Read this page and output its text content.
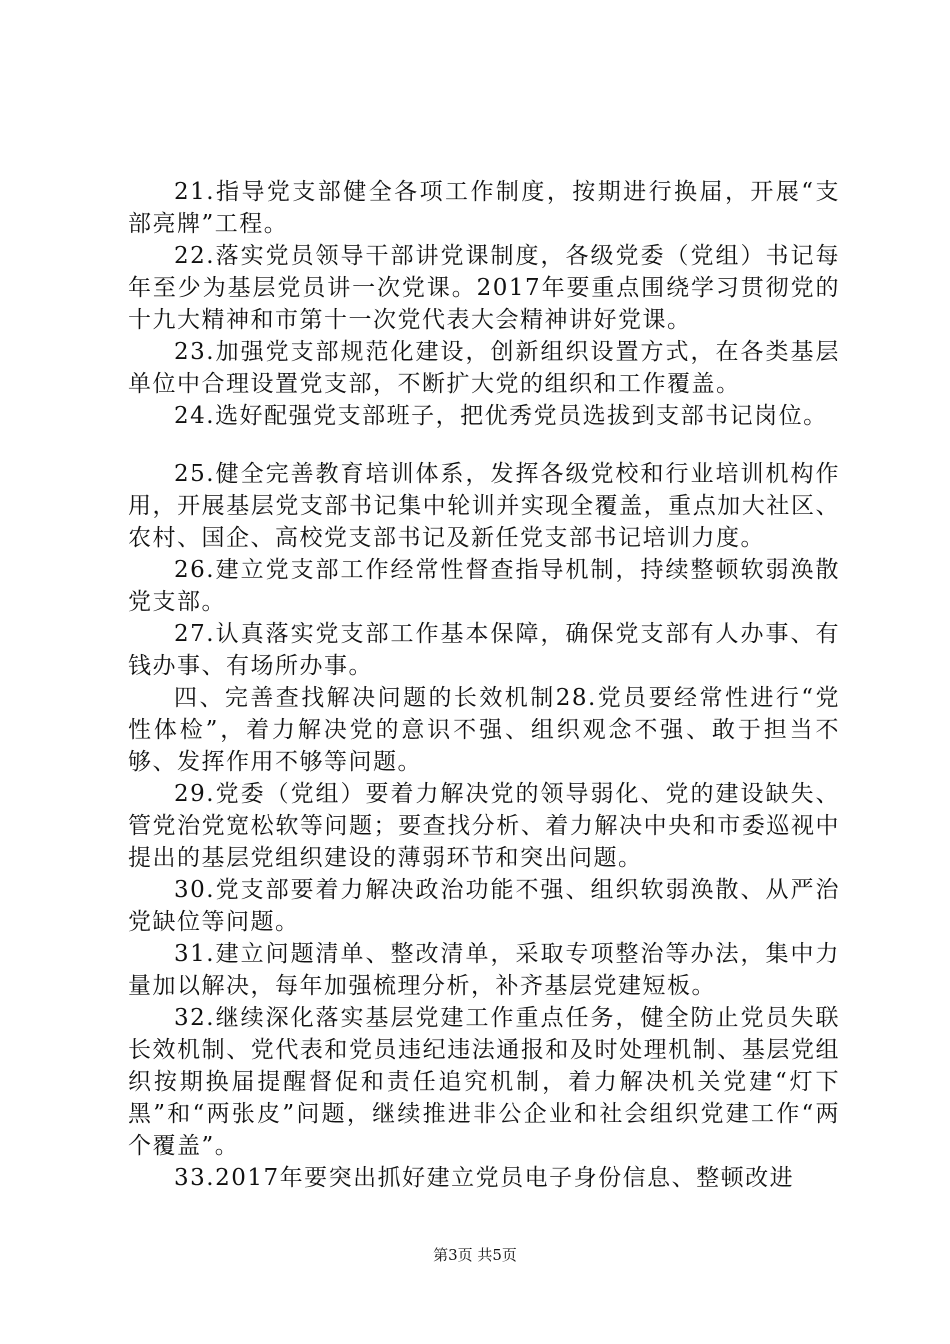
21.指导党支部健全各项工作制度，按期进行换届，开展“支部亮牌”工程。

22.落实党员领导干部讲党课制度，各级党委（党组）书记每年至少为基层党员讲一次党课。2017年要重点围绕学习贯彻党的十九大精神和市第十一次党代表大会精神讲好党课。

23.加强党支部规范化建设，创新组织设置方式，在各类基层单位中合理设置党支部，不断扩大党的组织和工作覆盖。

24.选好配强党支部班子，把优秀党员选拔到支部书记岗位。

25.健全完善教育培训体系，发挥各级党校和行业培训机构作用，开展基层党支部书记集中轮训并实现全覆盖，重点加大社区、农村、国企、高校党支部书记及新任党支部书记培训力度。

26.建立党支部工作经常性督查指导机制，持续整顿软弱涣散党支部。

27.认真落实党支部工作基本保障，确保党支部有人办事、有钱办事、有场所办事。

四、完善查找解决问题的长效机制28.党员要经常性进行“党性体检”，着力解决党的意识不强、组织观念不强、敢于担当不够、发挥作用不够等问题。

29.党委（党组）要着力解决党的领导弱化、党的建设缺失、管党治党宽松软等问题；要查找分析、着力解决中央和市委巡视中提出的基层党组织建设的薄弱环节和突出问题。

30.党支部要着力解决政治功能不强、组织软弱涣散、从严治党缺位等问题。

31.建立问题清单、整改清单，采取专项整治等办法，集中力量加以解决，每年加强梳理分析，补齐基层党建短板。

32.继续深化落实基层党建工作重点任务，健全防止党员失联长效机制、党代表和党员违纪违法通报和及时处理机制、基层党组织按期换届提醒督促和责任追究机制，着力解决机关党建“灯下黑”和“两张皮”问题，继续推进非公企业和社会组织党建工作“两个覆盖”。

33.2017年要突出抓好建立党员电子身份信息、整顿改进

第3页 共5页
